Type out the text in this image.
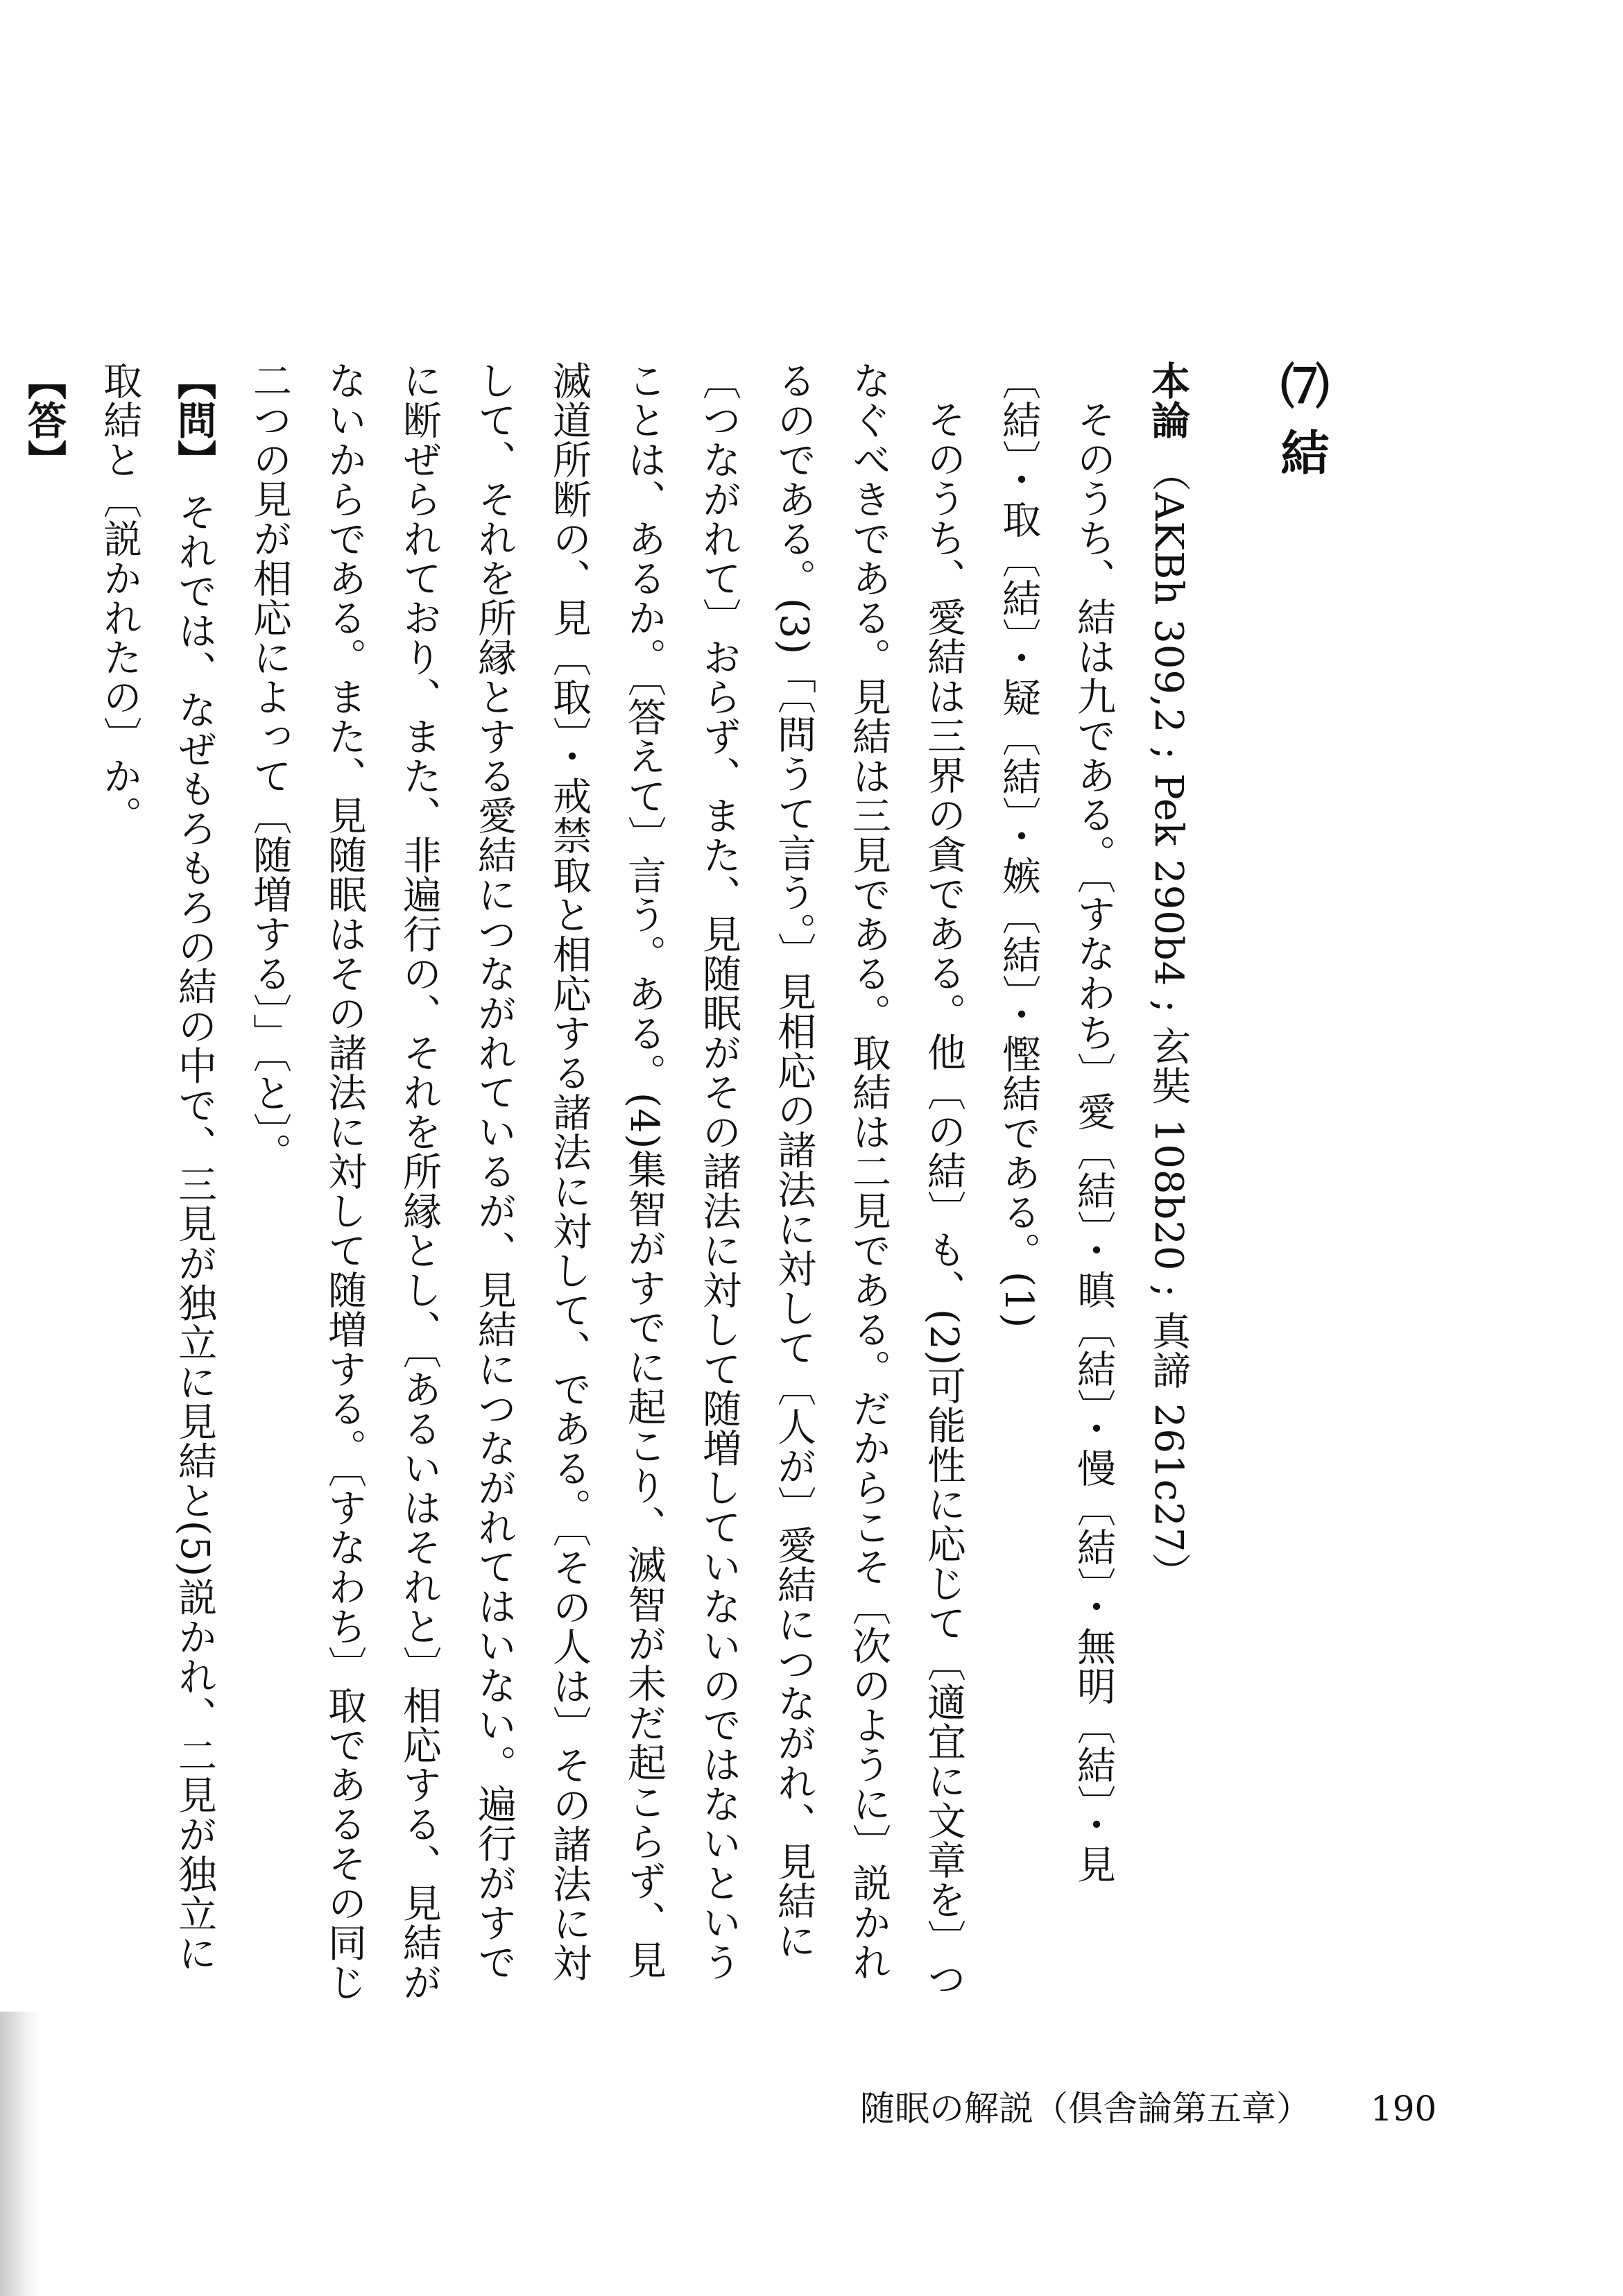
⑺ 結
本論 （AKBh 309,2 ; Pek 290b4 ; 玄奘 108b20 ; 真諦 261c27）
そのうち、結は九である。〔すなわち〕愛〔結〕・瞋〔結〕・慢〔結〕・無明〔結〕・見〔結〕・取〔結〕・疑〔結〕・嫉〔結〕・慳結である。(1)
そのうち、愛結は三界の貪である。他〔の結〕も、(2)可能性に応じて〔適宜に文章を〕つなぐべきである。見結は三見である。取結は二見である。だからこそ〔次のように〕説かれるのである。(3)「〔問うて言う。〕見相応の諸法に対して〔人が〕愛結につながれ、見結に〔つながれて〕おらず、また、見随眠がその諸法に対して随増していないのではないということは、あるか。〔答えて〕言う。ある。(4)集智がすでに起こり、滅智が未だ起こらず、見滅道所断の、見〔取〕・戒禁取と相応する諸法に対して、である。〔その人は〕その諸法に対して、それを所縁とする愛結につながれているが、見結につながれてはいない。遍行がすでに断ぜられており、また、非遍行の、それを所縁とし、〔あるいはそれと〕相応する、見結がないからである。また、見随眠はその諸法に対して随増する。〔すなわち〕取であるその同じ二つの見が相応によって〔随増する〕」〔と〕。
【問】 それでは、なぜもろもろの結の中で、三見が独立に見結と(5)説かれ、二見が独立に取結と〔説かれたの〕か。
【答】
随眠の解説（倶舎論第五章） 190
